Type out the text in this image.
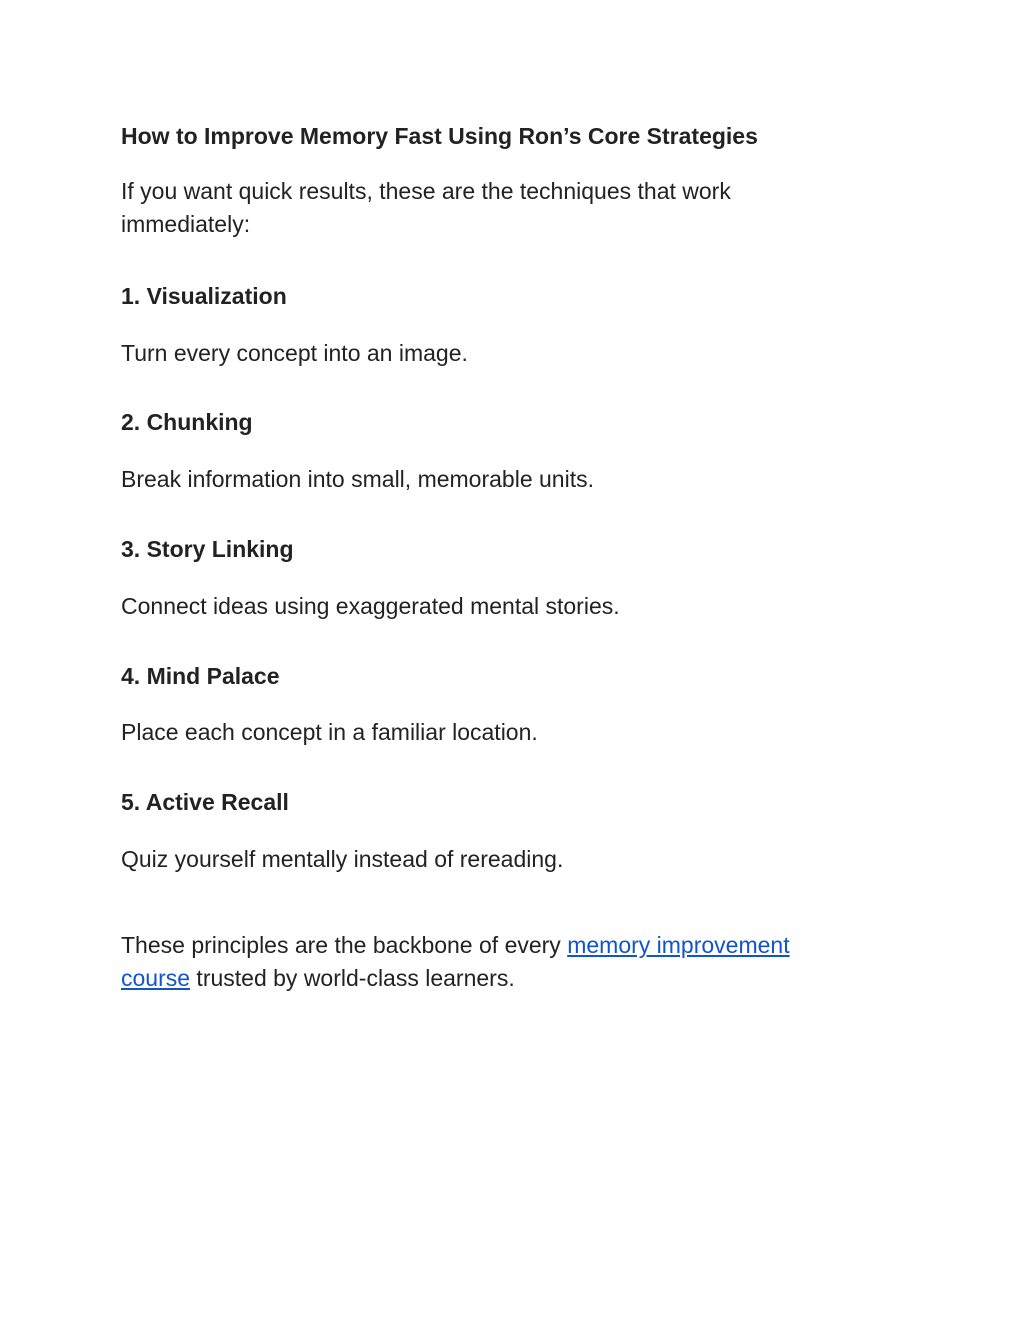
How to Improve Memory Fast Using Ron’s Core Strategies

If you want quick results, these are the techniques that work immediately:

1. Visualization

Turn every concept into an image.

2. Chunking

Break information into small, memorable units.

3. Story Linking

Connect ideas using exaggerated mental stories.

4. Mind Palace

Place each concept in a familiar location.

5. Active Recall

Quiz yourself mentally instead of rereading.

These principles are the backbone of every memory improvement course trusted by world-class learners.
